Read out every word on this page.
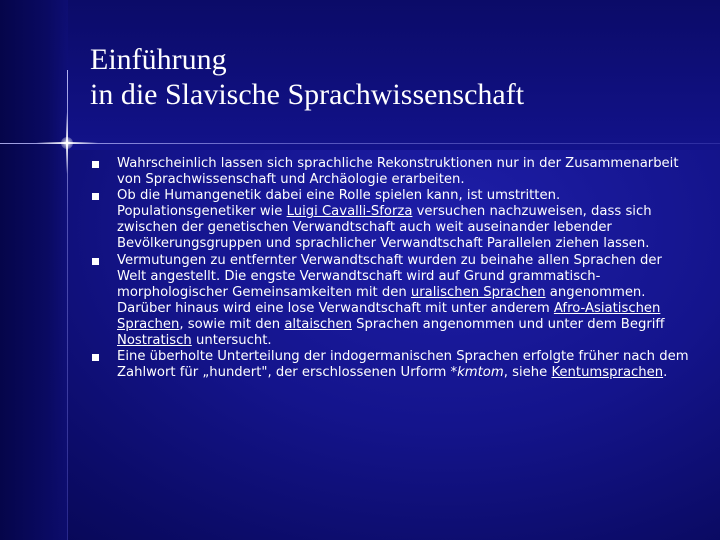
Einführung
in die Slavische Sprachwissenschaft
Wahrscheinlich lassen sich sprachliche Rekonstruktionen nur in der Zusammenarbeit von Sprachwissenschaft und Archäologie erarbeiten.
Ob die Humangenetik dabei eine Rolle spielen kann, ist umstritten. Populationsgenetiker wie Luigi Cavalli-Sforza versuchen nachzuweisen, dass sich zwischen der genetischen Verwandtschaft auch weit auseinander lebender Bevölkerungsgruppen und sprachlicher Verwandtschaft Parallelen ziehen lassen.
Vermutungen zu entfernter Verwandtschaft wurden zu beinahe allen Sprachen der Welt angestellt. Die engste Verwandtschaft wird auf Grund grammatisch-morphologischer Gemeinsamkeiten mit den uralischen Sprachen angenommen. Darüber hinaus wird eine lose Verwandtschaft mit unter anderem Afro-Asiatischen Sprachen, sowie mit den altaischen Sprachen angenommen und unter dem Begriff Nostratisch untersucht.
Eine überholte Unterteilung der indogermanischen Sprachen erfolgte früher nach dem Zahlwort für „hundert", der erschlossenen Urform *kmtom, siehe Kentumsprachen.
